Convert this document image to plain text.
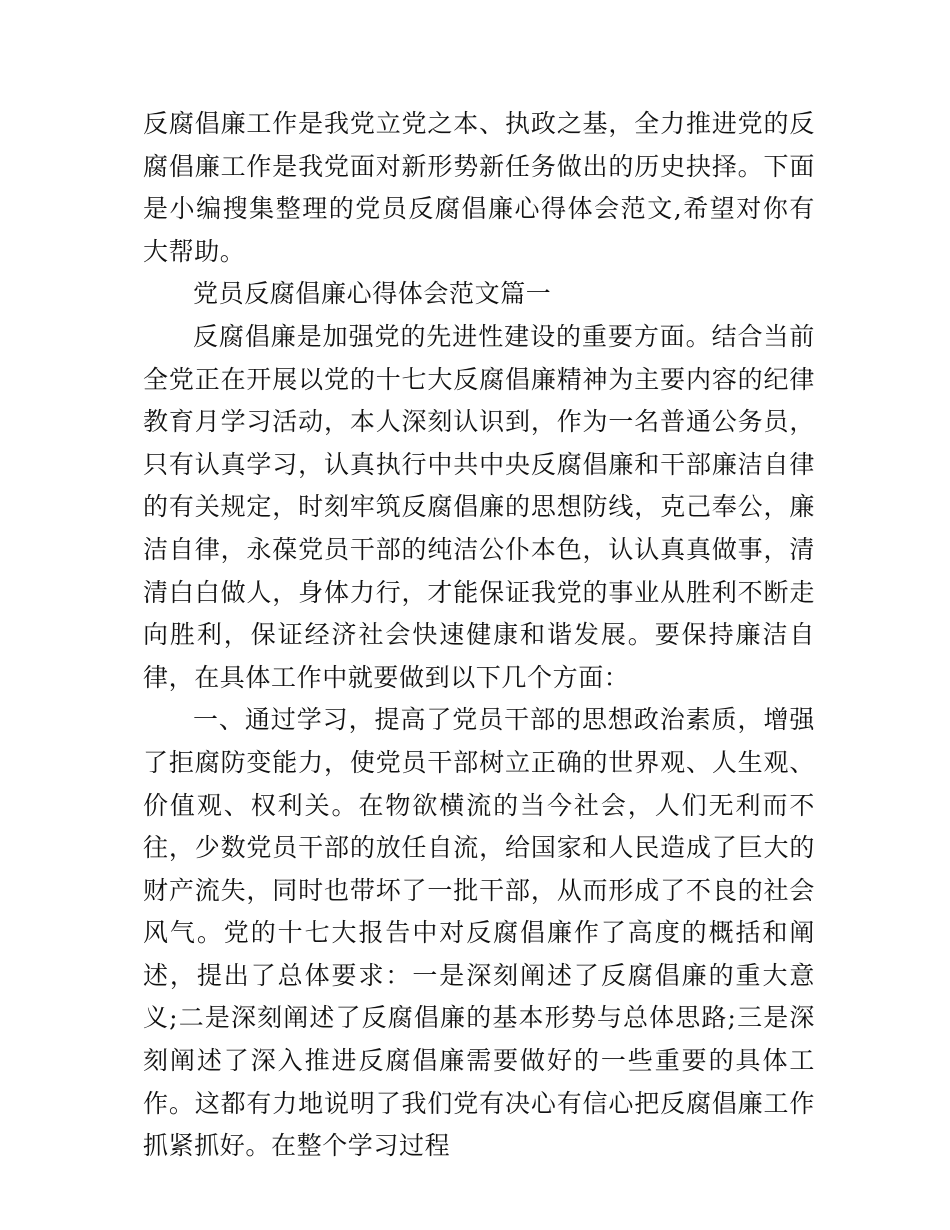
反腐倡廉工作是我党立党之本、执政之基，全力推进党的反腐倡廉工作是我党面对新形势新任务做出的历史抉择。下面是小编搜集整理的党员反腐倡廉心得体会范文,希望对你有大帮助。

党员反腐倡廉心得体会范文篇一

反腐倡廉是加强党的先进性建设的重要方面。结合当前全党正在开展以党的十七大反腐倡廉精神为主要内容的纪律教育月学习活动，本人深刻认识到，作为一名普通公务员，只有认真学习，认真执行中共中央反腐倡廉和干部廉洁自律的有关规定，时刻牢筑反腐倡廉的思想防线，克己奉公，廉洁自律，永葆党员干部的纯洁公仆本色，认认真真做事，清清白白做人，身体力行，才能保证我党的事业从胜利不断走向胜利，保证经济社会快速健康和谐发展。要保持廉洁自律，在具体工作中就要做到以下几个方面：

一、通过学习，提高了党员干部的思想政治素质，增强了拒腐防变能力，使党员干部树立正确的世界观、人生观、价值观、权利关。在物欲横流的当今社会，人们无利而不往，少数党员干部的放任自流，给国家和人民造成了巨大的财产流失，同时也带坏了一批干部，从而形成了不良的社会风气。党的十七大报告中对反腐倡廉作了高度的概括和阐述，提出了总体要求：一是深刻阐述了反腐倡廉的重大意义;二是深刻阐述了反腐倡廉的基本形势与总体思路;三是深刻阐述了深入推进反腐倡廉需要做好的一些重要的具体工作。这都有力地说明了我们党有决心有信心把反腐倡廉工作抓紧抓好。在整个学习过程
